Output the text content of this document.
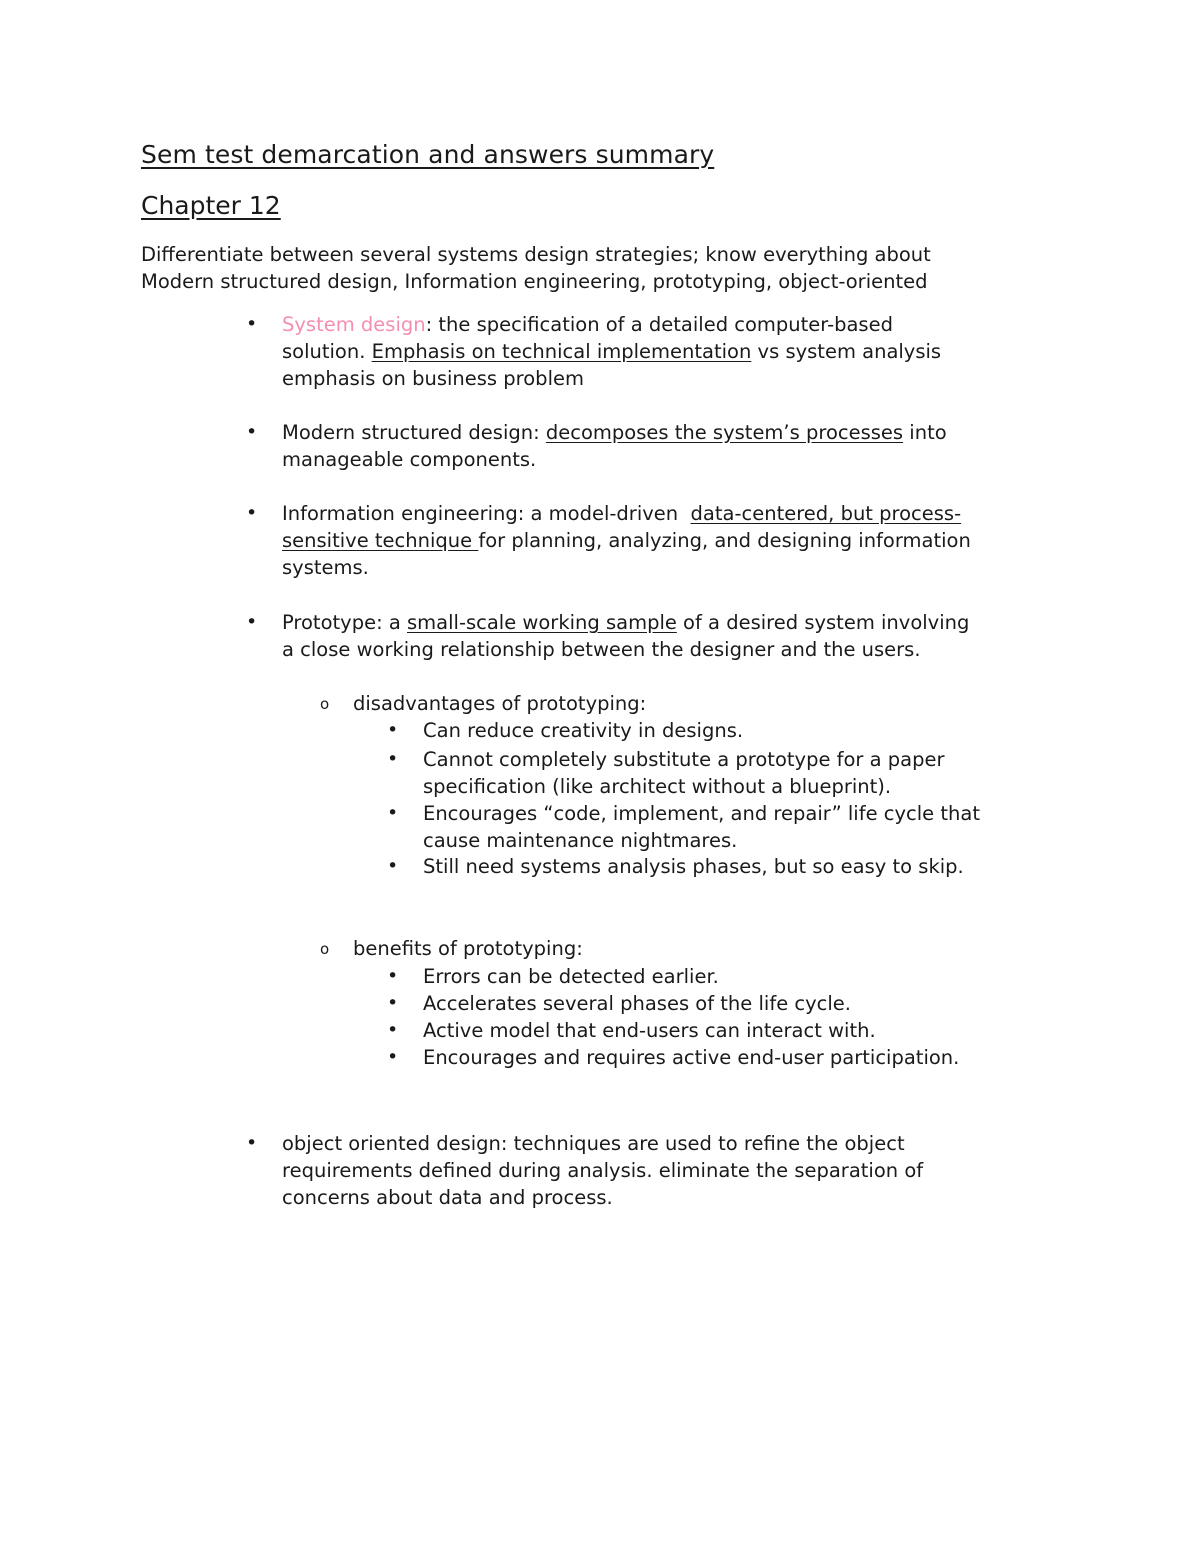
Sem test demarcation and answers summary
Chapter 12
Differentiate between several systems design strategies; know everything about
Modern structured design, Information engineering, prototyping, object-oriented
• System design: the specification of a detailed computer-based
solution. Emphasis on technical implementation vs system analysis
emphasis on business problem
• Modern structured design: decomposes the system’s processes into
manageable components.
• Information engineering: a model-driven  data-centered, but process-
sensitive technique for planning, analyzing, and designing information
systems.
• Prototype: a small-scale working sample of a desired system involving
a close working relationship between the designer and the users.
o disadvantages of prototyping:
• Can reduce creativity in designs.
• Cannot completely substitute a prototype for a paper
specification (like architect without a blueprint).
• Encourages “code, implement, and repair” life cycle that
cause maintenance nightmares.
• Still need systems analysis phases, but so easy to skip.
o benefits of prototyping:
• Errors can be detected earlier.
• Accelerates several phases of the life cycle.
• Active model that end-users can interact with.
• Encourages and requires active end-user participation.
• object oriented design: techniques are used to refine the object
requirements defined during analysis. eliminate the separation of
concerns about data and process.
